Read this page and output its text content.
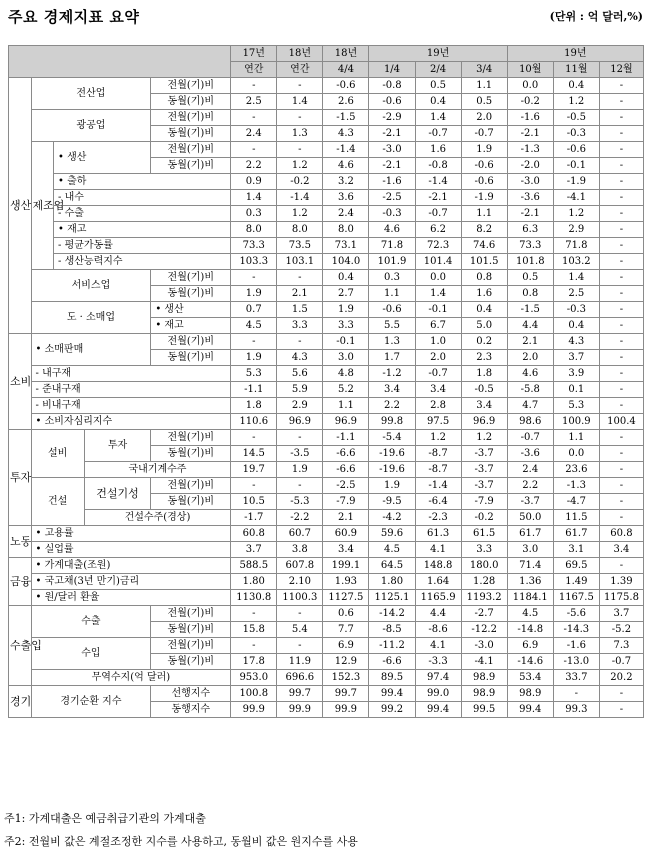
주요 경제지표 요약	(단위 : 억 달러,%)
					17년	18년	18년	19년			19년		
					연간	연간	4/4	1/4	2/4	3/4	10월	11월	12월
생산	전산업			전월(기)비	-	-	-0.6	-0.8	0.5	1.1	0.0	0.4	-
				동월(기)비	2.5	1.4	2.6	-0.6	0.4	0.5	-0.2	1.2	-
	광공업			전월(기)비	-	-	-1.5	-2.9	1.4	2.0	-1.6	-0.5	-
				동월(기)비	2.4	1.3	4.3	-2.1	-0.7	-0.7	-2.1	-0.3	-
	제조업	• 생산		전월(기)비	-	-	-1.4	-3.0	1.6	1.9	-1.3	-0.6	-
				동월(기)비	2.2	1.2	4.6	-2.1	-0.8	-0.6	-2.0	-0.1	-
		• 출하			0.9	-0.2	3.2	-1.6	-1.4	-0.6	-3.0	-1.9	-
		- 내수			1.4	-1.4	3.6	-2.5	-2.1	-1.9	-3.6	-4.1	-
		- 수출			0.3	1.2	2.4	-0.3	-0.7	1.1	-2.1	1.2	-
		• 재고			8.0	8.0	8.0	4.6	6.2	8.2	6.3	2.9	-
		- 평균가동률			73.3	73.5	73.1	71.8	72.3	74.6	73.3	71.8	-
		- 생산능력지수			103.3	103.1	104.0	101.9	101.4	101.5	101.8	103.2	-
	서비스업			전월(기)비	-	-	0.4	0.3	0.0	0.8	0.5	1.4	-
				동월(기)비	1.9	2.1	2.7	1.1	1.4	1.6	0.8	2.5	-
	도 · 소매업			• 생산	0.7	1.5	1.9	-0.6	-0.1	0.4	-1.5	-0.3	-
				• 재고	4.5	3.3	3.3	5.5	6.7	5.0	4.4	0.4	-
소비	• 소매판매			전월(기)비	-	-	-0.1	1.3	1.0	0.2	2.1	4.3	-
				동월(기)비	1.9	4.3	3.0	1.7	2.0	2.3	2.0	3.7	-
	- 내구재				5.3	5.6	4.8	-1.2	-0.7	1.8	4.6	3.9	-
	- 준내구재				-1.1	5.9	5.2	3.4	3.4	-0.5	-5.8	0.1	-
	- 비내구재				1.8	2.9	1.1	2.2	2.8	3.4	4.7	5.3	-
	• 소비자심리지수				110.6	96.9	96.9	99.8	97.5	96.9	98.6	100.9	100.4
투자	설비		투자	전월(기)비	-	-	-1.1	-5.4	1.2	1.2	-0.7	1.1	-
				동월(기)비	14.5	-3.5	-6.6	-19.6	-8.7	-3.7	-3.6	0.0	-
			국내기계수주		19.7	1.9	-6.6	-19.6	-8.7	-3.7	2.4	23.6	-
	건설		건설기성	전월(기)비	-	-	-2.5	1.9	-1.4	-3.7	2.2	-1.3	-
				동월(기)비	10.5	-5.3	-7.9	-9.5	-6.4	-7.9	-3.7	-4.7	-
			건설수주(경상)		-1.7	-2.2	2.1	-4.2	-2.3	-0.2	50.0	11.5	-
노동	• 고용률				60.8	60.7	60.9	59.6	61.3	61.5	61.7	61.7	60.8
	• 실업률				3.7	3.8	3.4	4.5	4.1	3.3	3.0	3.1	3.4
금융	• 가계대출(조원)				588.5	607.8	199.1	64.5	148.8	180.0	71.4	69.5	-
	• 국고채(3년 만기)금리				1.80	2.10	1.93	1.80	1.64	1.28	1.36	1.49	1.39
	• 원/달러 환율				1130.8	1100.3	1127.5	1125.1	1165.9	1193.2	1184.1	1167.5	1175.8
수출입	수출			전월(기)비	-	-	0.6	-14.2	4.4	-2.7	4.5	-5.6	3.7
				동월(기)비	15.8	5.4	7.7	-8.5	-8.6	-12.2	-14.8	-14.3	-5.2
	수입			전월(기)비	-	-	6.9	-11.2	4.1	-3.0	6.9	-1.6	7.3
				동월(기)비	17.8	11.9	12.9	-6.6	-3.3	-4.1	-14.6	-13.0	-0.7
	무역수지(억 달러)				953.0	696.6	152.3	89.5	97.4	98.9	53.4	33.7	20.2
경기	경기순환 지수			선행지수	100.8	99.7	99.7	99.4	99.0	98.9	98.9	-	-
				동행지수	99.9	99.9	99.9	99.2	99.4	99.5	99.4	99.3	-
주1: 가계대출은 예금취급기관의 가계대출
주2: 전월비 값은 계절조정한 지수를 사용하고, 동월비 값은 원지수를 사용
